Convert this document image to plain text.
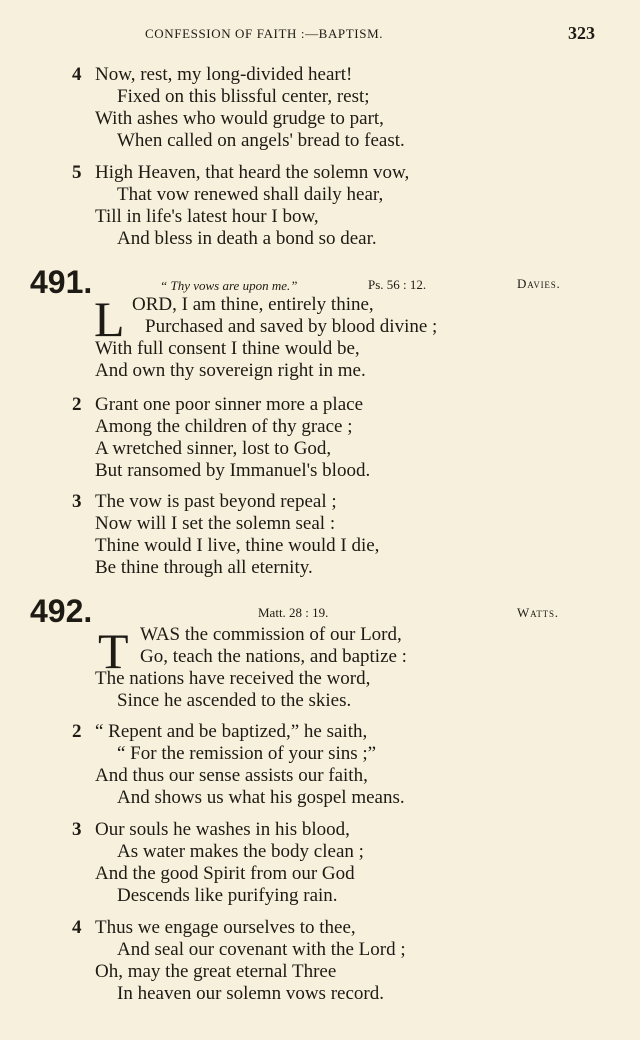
CONFESSION OF FAITH :—BAPTISM.	323
4 Now, rest, my long-divided heart!
Fixed on this blissful center, rest;
With ashes who would grudge to part,
When called on angels' bread to feast.
5 High Heaven, that heard the solemn vow,
That vow renewed shall daily hear,
Till in life's latest hour I bow,
And bless in death a bond so dear.
491.	“ Thy vows are upon me.”	Ps. 56 : 12.	Davies.
L ORD, I am thine, entirely thine,
Purchased and saved by blood divine ;
With full consent I thine would be,
And own thy sovereign right in me.
2 Grant one poor sinner more a place
Among the children of thy grace ;
A wretched sinner, lost to God,
But ransomed by Immanuel's blood.
3 The vow is past beyond repeal ;
Now will I set the solemn seal :
Thine would I live, thine would I die,
Be thine through all eternity.
492.	Matt. 28 : 19.	Watts.
T WAS the commission of our Lord,
Go, teach the nations, and baptize :
The nations have received the word,
Since he ascended to the skies.
2 “ Repent and be baptized,” he saith,
“ For the remission of your sins ;”
And thus our sense assists our faith,
And shows us what his gospel means.
3 Our souls he washes in his blood,
As water makes the body clean ;
And the good Spirit from our God
Descends like purifying rain.
4 Thus we engage ourselves to thee,
And seal our covenant with the Lord ;
Oh, may the great eternal Three
In heaven our solemn vows record.
